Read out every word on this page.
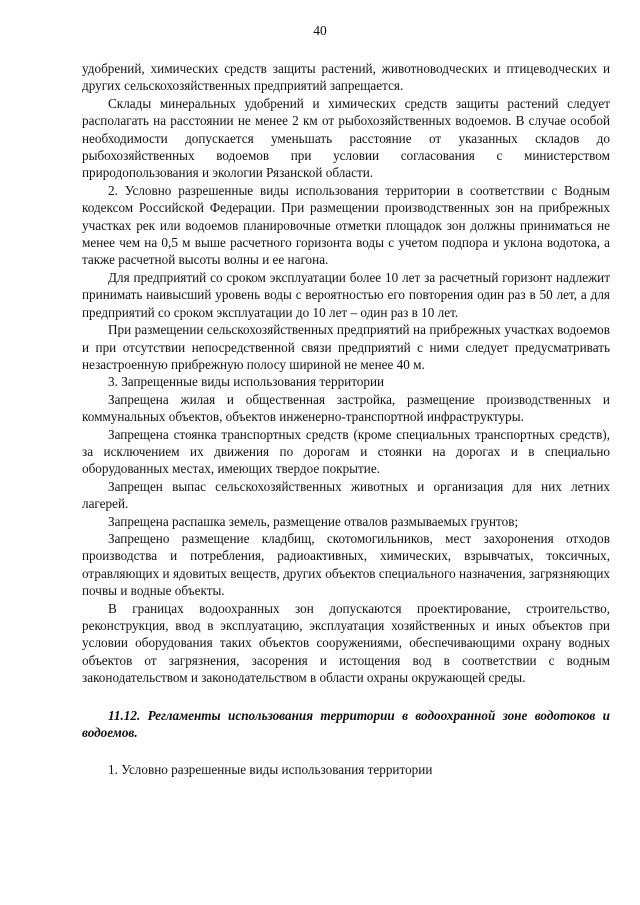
40

удобрений, химических средств защиты растений, животноводческих и птицеводческих и других сельскохозяйственных предприятий запрещается.

Склады минеральных удобрений и химических средств защиты растений следует располагать на расстоянии не менее 2 км от рыбохозяйственных водоемов. В случае особой необходимости допускается уменьшать расстояние от указанных складов до рыбохозяйственных водоемов при условии согласования с министерством природопользования и экологии Рязанской области.

2. Условно разрешенные виды использования территории в соответствии с Водным кодексом Российской Федерации. При размещении производственных зон на прибрежных участках рек или водоемов планировочные отметки площадок зон должны приниматься не менее чем на 0,5 м выше расчетного горизонта воды с учетом подпора и уклона водотока, а также расчетной высоты волны и ее нагона.

Для предприятий со сроком эксплуатации более 10 лет за расчетный горизонт надлежит принимать наивысший уровень воды с вероятностью его повторения один раз в 50 лет, а для предприятий со сроком эксплуатации до 10 лет – один раз в 10 лет.

При размещении сельскохозяйственных предприятий на прибрежных участках водоемов и при отсутствии непосредственной связи предприятий с ними следует предусматривать незастроенную прибрежную полосу шириной не менее 40 м.

3. Запрещенные виды использования территории

Запрещена жилая и общественная застройка, размещение производственных и коммунальных объектов, объектов инженерно-транспортной инфраструктуры.

Запрещена стоянка транспортных средств (кроме специальных транспортных средств), за исключением их движения по дорогам и стоянки на дорогах и в специально оборудованных местах, имеющих твердое покрытие.

Запрещен выпас сельскохозяйственных животных и организация для них летних лагерей.

Запрещена распашка земель, размещение отвалов размываемых грунтов;

Запрещено размещение кладбищ, скотомогильников, мест захоронения отходов производства и потребления, радиоактивных, химических, взрывчатых, токсичных, отравляющих и ядовитых веществ, других объектов специального назначения, загрязняющих почвы и водные объекты.

В границах водоохранных зон допускаются проектирование, строительство, реконструкция, ввод в эксплуатацию, эксплуатация хозяйственных и иных объектов при условии оборудования таких объектов сооружениями, обеспечивающими охрану водных объектов от загрязнения, засорения и истощения вод в соответствии с водным законодательством и законодательством в области охраны окружающей среды.

11.12. Регламенты использования территории в водоохранной зоне водотоков и водоемов.

1. Условно разрешенные виды использования территории
